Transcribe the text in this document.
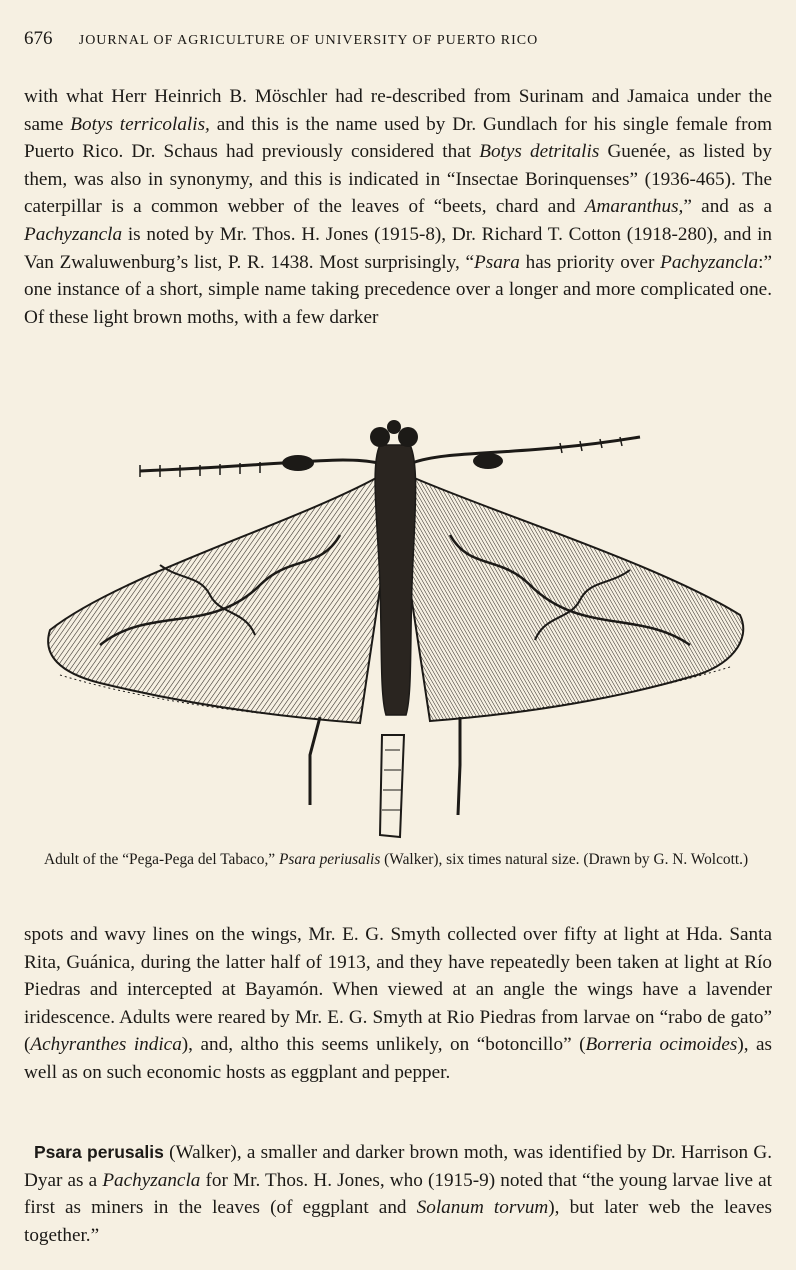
676 JOURNAL OF AGRICULTURE OF UNIVERSITY OF PUERTO RICO

with what Herr Heinrich B. Möschler had re-described from Surinam and Jamaica under the same Botys terricolalis, and this is the name used by Dr. Gundlach for his single female from Puerto Rico. Dr. Schaus had previously considered that Botys detritalis Guenée, as listed by them, was also in synonymy, and this is indicated in “Insectae Borinquenses” (1936-465). The caterpillar is a common webber of the leaves of “beets, chard and Amaranthus,” and as a Pachyzancla is noted by Mr. Thos. H. Jones (1915-8), Dr. Richard T. Cotton (1918-280), and in Van Zwaluwenburg’s list, P. R. 1438. Most surprisingly, “Psara has priority over Pachyzancla:” one instance of a short, simple name taking precedence over a longer and more complicated one. Of these light brown moths, with a few darker

Adult of the “Pega-Pega del Tabaco,” Psara periusalis (Walker), six times natural size. (Drawn by G. N. Wolcott.)

spots and wavy lines on the wings, Mr. E. G. Smyth collected over fifty at light at Hda. Santa Rita, Guánica, during the latter half of 1913, and they have repeatedly been taken at light at Río Piedras and intercepted at Bayamón. When viewed at an angle the wings have a lavender iridescence. Adults were reared by Mr. E. G. Smyth at Rio Piedras from larvae on “rabo de gato” (Achyranthes indica), and, altho this seems unlikely, on “botoncillo” (Borreria ocimoides), as well as on such economic hosts as eggplant and pepper.

Psara perusalis (Walker), a smaller and darker brown moth, was identified by Dr. Harrison G. Dyar as a Pachyzancla for Mr. Thos. H. Jones, who (1915-9) noted that “the young larvae live at first as miners in the leaves (of eggplant and Solanum torvum), but later web the leaves together.”
